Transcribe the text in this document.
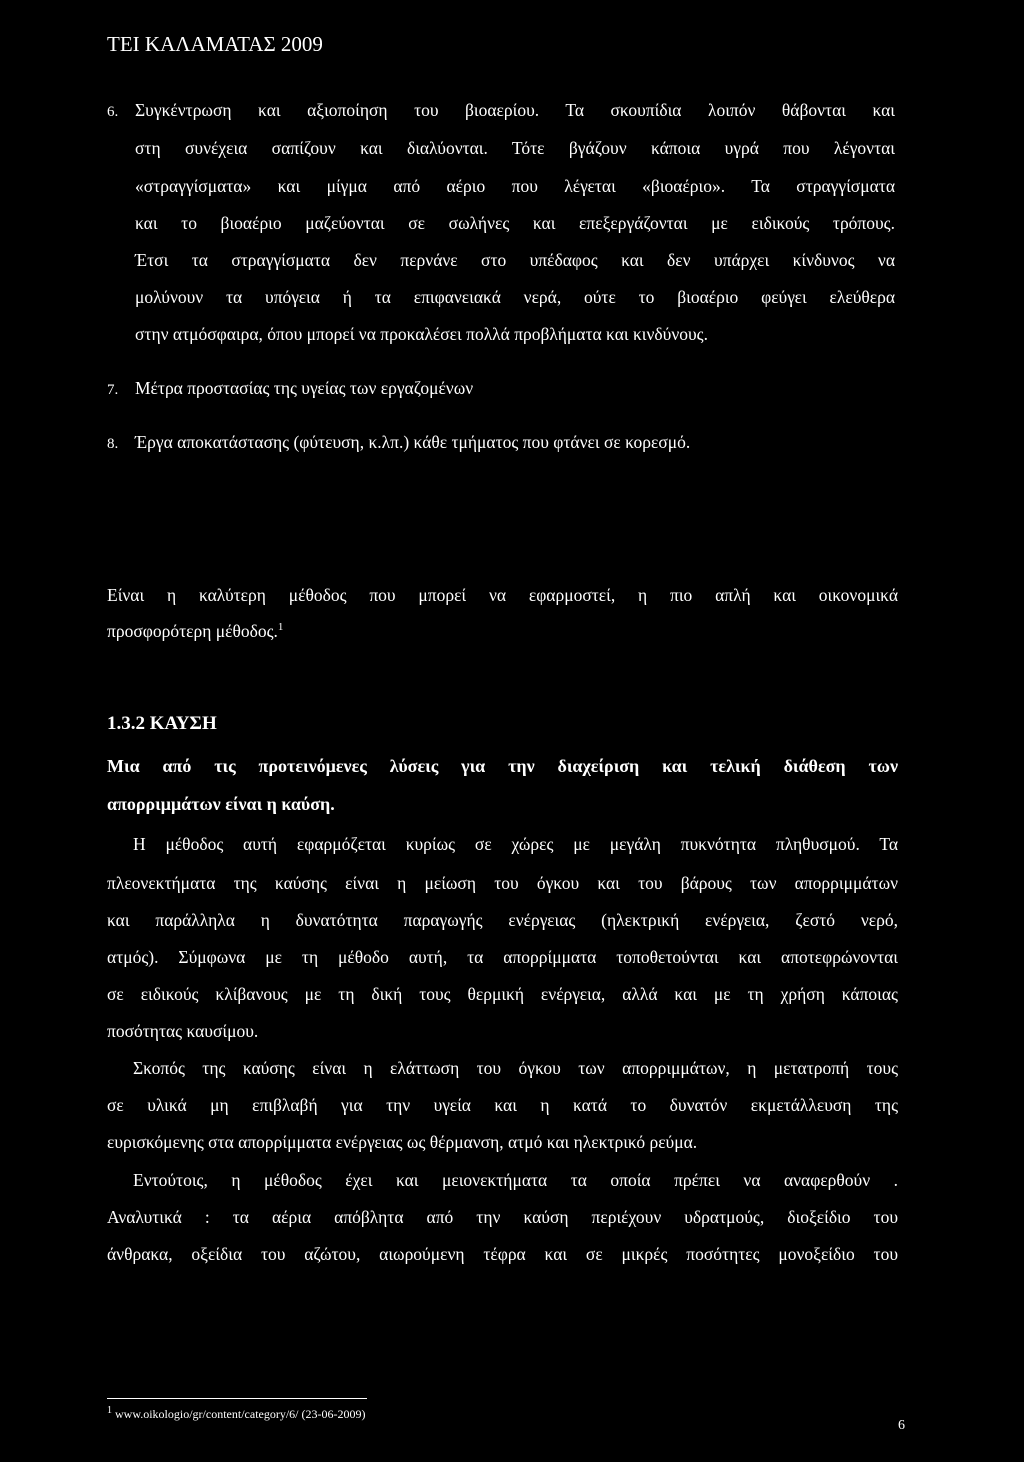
ΤΕΙ ΚΑΛΑΜΑΤΑΣ 2009
6. Συγκέντρωση και αξιοποίηση του βιοαερίου. Τα σκουπίδια λοιπόν θάβονται και
στη συνέχεια σαπίζουν και διαλύονται. Τότε βγάζουν κάποια υγρά που λέγονται
«στραγγίσματα» και μίγμα από αέριο που λέγεται «βιοαέριο». Τα στραγγίσματα
και το βιοαέριο μαζεύονται σε σωλήνες και επεξεργάζονται με ειδικούς τρόπους.
Έτσι τα στραγγίσματα δεν περνάνε στο υπέδαφος και δεν υπάρχει κίνδυνος να
μολύνουν τα υπόγεια ή τα επιφανειακά νερά, ούτε το βιοαέριο φεύγει ελεύθερα
στην ατμόσφαιρα, όπου μπορεί να προκαλέσει πολλά προβλήματα και κινδύνους.
7. Μέτρα προστασίας της υγείας των εργαζομένων
8. Έργα αποκατάστασης (φύτευση, κ.λπ.) κάθε τμήματος που φτάνει σε κορεσμό.
Είναι η καλύτερη μέθοδος που μπορεί να εφαρμοστεί, η πιο απλή και οικονομικά
προσφορότερη μέθοδος.$^1$
1.3.2 ΚΑΥΣΗ
Μια από τις προτεινόμενες λύσεις για την διαχείριση και τελική διάθεση των
απορριμμάτων είναι η καύση.
Η μέθοδος αυτή εφαρμόζεται κυρίως σε χώρες με μεγάλη πυκνότητα πληθυσμού. Τα
πλεονεκτήματα της καύσης είναι η μείωση του όγκου και του βάρους των απορριμμάτων
και παράλληλα η δυνατότητα παραγωγής ενέργειας (ηλεκτρική ενέργεια, ζεστό νερό,
ατμός). Σύμφωνα με τη μέθοδο αυτή, τα απορρίμματα τοποθετούνται και αποτεφρώνονται
σε ειδικούς κλίβανους με τη δική τους θερμική ενέργεια, αλλά και με τη χρήση κάποιας
ποσότητας καυσίμου.
Σκοπός της καύσης είναι η ελάττωση του όγκου των απορριμμάτων, η μετατροπή τους
σε υλικά μη επιβλαβή για την υγεία και η κατά το δυνατόν εκμετάλλευση της
ευρισκόμενης στα απορρίμματα ενέργειας ως θέρμανση, ατμό και ηλεκτρικό ρεύμα.
Εντούτοις, η μέθοδος έχει και μειονεκτήματα τα οποία πρέπει να αναφερθούν .
Αναλυτικά : τα αέρια απόβλητα από την καύση περιέχουν υδρατμούς, διοξείδιο του
άνθρακα, οξείδια του αζώτου, αιωρούμενη τέφρα και σε μικρές ποσότητες μονοξείδιο του
$^1$ www.oikologio/gr/content/category/6/ (23-06-2009)
6
